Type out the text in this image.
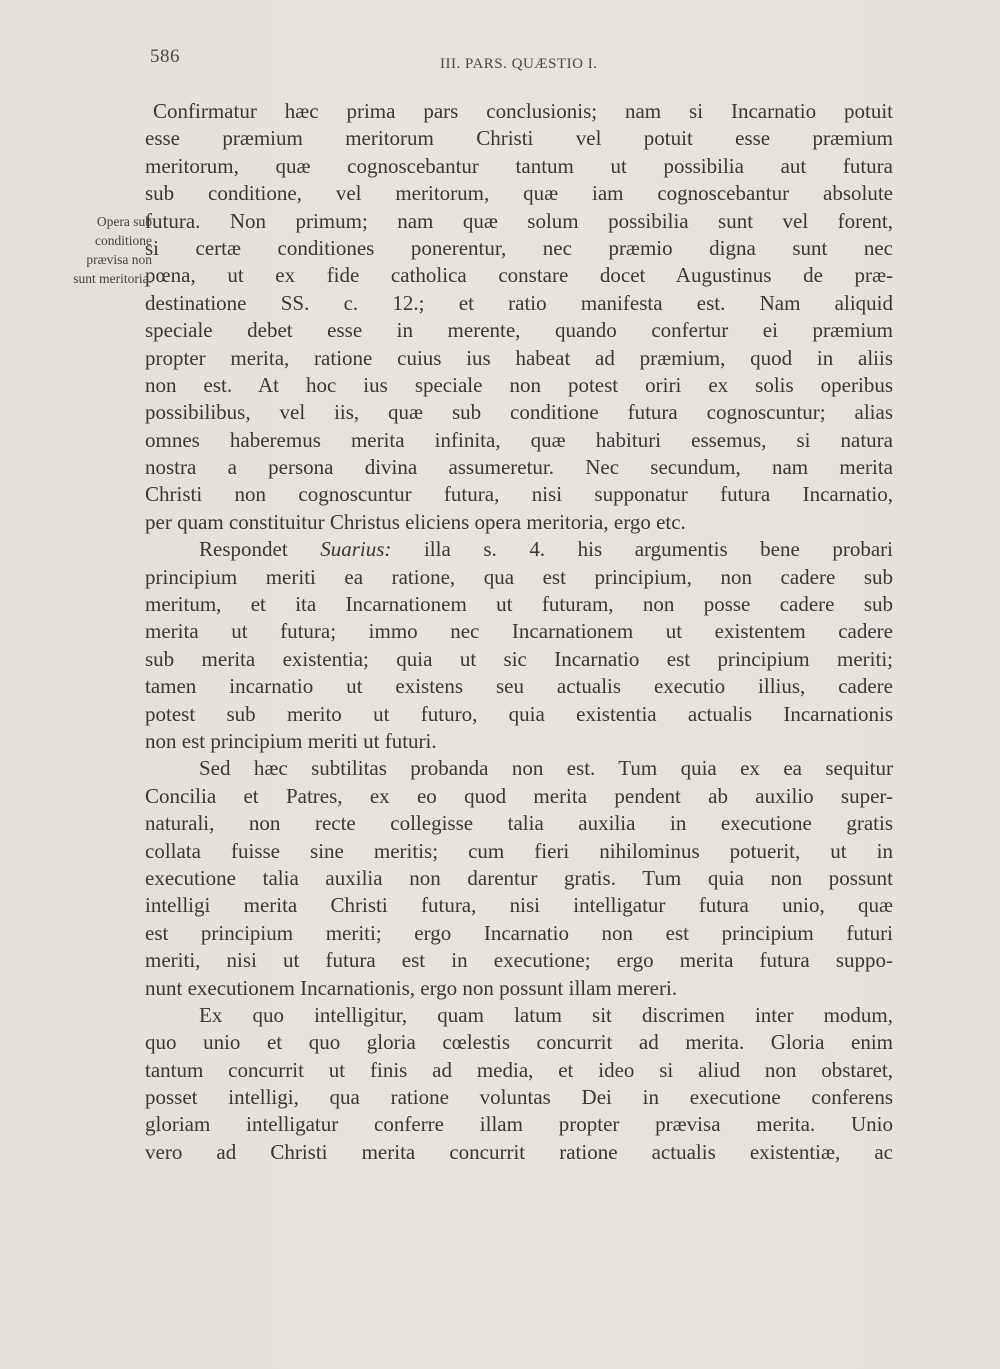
586	III. PARS. QUÆSTIO I.
Opera sub
conditione
prævisa non
sunt meritoria.
Confirmatur hæc prima pars conclusionis; nam si Incarnatio potuit
esse præmium meritorum Christi vel potuit esse præmium
meritorum, quæ cognoscebantur tantum ut possibilia aut futura
sub conditione, vel meritorum, quæ iam cognoscebantur absolute
futura. Non primum; nam quæ solum possibilia sunt vel forent,
si certæ conditiones ponerentur, nec præmio digna sunt nec
pœna, ut ex fide catholica constare docet Augustinus de præ-
destinatione SS. c. 12.; et ratio manifesta est. Nam aliquid
speciale debet esse in merente, quando confertur ei præmium
propter merita, ratione cuius ius habeat ad præmium, quod in aliis
non est. At hoc ius speciale non potest oriri ex solis operibus
possibilibus, vel iis, quæ sub conditione futura cognoscuntur; alias
omnes haberemus merita infinita, quæ habituri essemus, si natura
nostra a persona divina assumeretur. Nec secundum, nam merita
Christi non cognoscuntur futura, nisi supponatur futura Incarnatio,
per quam constituitur Christus eliciens opera meritoria, ergo etc.
Respondet Suarius: illa s. 4. his argumentis bene probari
principium meriti ea ratione, qua est principium, non cadere sub
meritum, et ita Incarnationem ut futuram, non posse cadere sub
merita ut futura; immo nec Incarnationem ut existentem cadere
sub merita existentia; quia ut sic Incarnatio est principium meriti;
tamen incarnatio ut existens seu actualis executio illius, cadere
potest sub merito ut futuro, quia existentia actualis Incarnationis
non est principium meriti ut futuri.
Sed hæc subtilitas probanda non est. Tum quia ex ea sequitur
Concilia et Patres, ex eo quod merita pendent ab auxilio super-
naturali, non recte collegisse talia auxilia in executione gratis
collata fuisse sine meritis; cum fieri nihilominus potuerit, ut in
executione talia auxilia non darentur gratis. Tum quia non possunt
intelligi merita Christi futura, nisi intelligatur futura unio, quæ
est principium meriti; ergo Incarnatio non est principium futuri
meriti, nisi ut futura est in executione; ergo merita futura suppo-
nunt executionem Incarnationis, ergo non possunt illam mereri.
Ex quo intelligitur, quam latum sit discrimen inter modum,
quo unio et quo gloria cœlestis concurrit ad merita. Gloria enim
tantum concurrit ut finis ad media, et ideo si aliud non obstaret,
posset intelligi, qua ratione voluntas Dei in executione conferens
gloriam intelligatur conferre illam propter prævisa merita. Unio
vero ad Christi merita concurrit ratione actualis existentiæ, ac
